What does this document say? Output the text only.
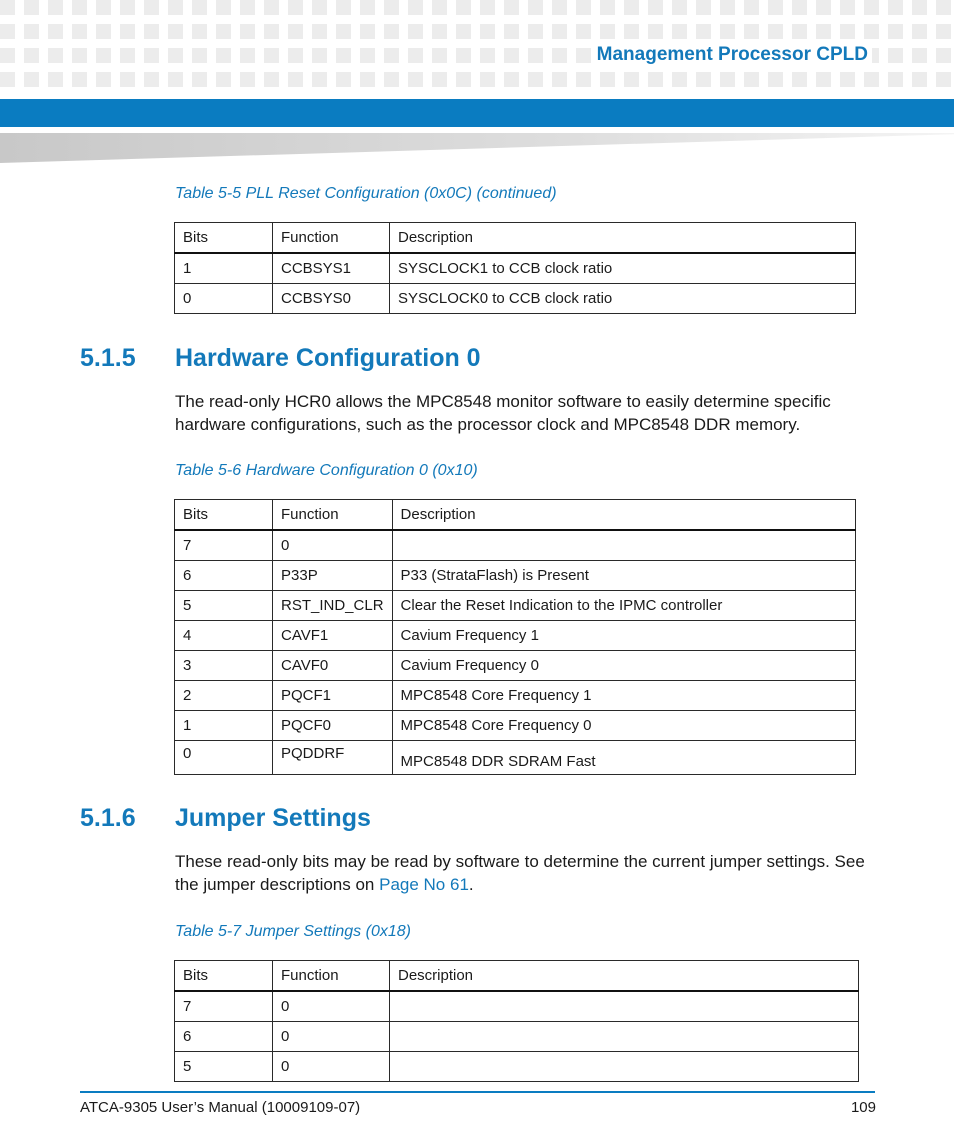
Management Processor CPLD
Table 5-5 PLL Reset Configuration (0x0C) (continued)
Bits	Function	Description
1	CCBSYS1	SYSCLOCK1 to CCB clock ratio
0	CCBSYS0	SYSCLOCK0 to CCB clock ratio
5.1.5 Hardware Configuration 0

The read-only HCR0 allows the MPC8548 monitor software to easily determine specific hardware configurations, such as the processor clock and MPC8548 DDR memory.

Table 5-6 Hardware Configuration 0 (0x10)
Bits	Function	Description
7	0	
6	P33P	P33 (StrataFlash) is Present
5	RST_IND_CLR	Clear the Reset Indication to the IPMC controller
4	CAVF1	Cavium Frequency 1
3	CAVF0	Cavium Frequency 0
2	PQCF1	MPC8548 Core Frequency 1
1	PQCF0	MPC8548 Core Frequency 0
0	PQDDRF	MPC8548 DDR SDRAM Fast
5.1.6 Jumper Settings

These read-only bits may be read by software to determine the current jumper settings. See the jumper descriptions on Page No 61.

Table 5-7 Jumper Settings (0x18)
Bits	Function	Description
7	0	
6	0	
5	0	
ATCA-9305 User’s Manual (10009109-07)	109
